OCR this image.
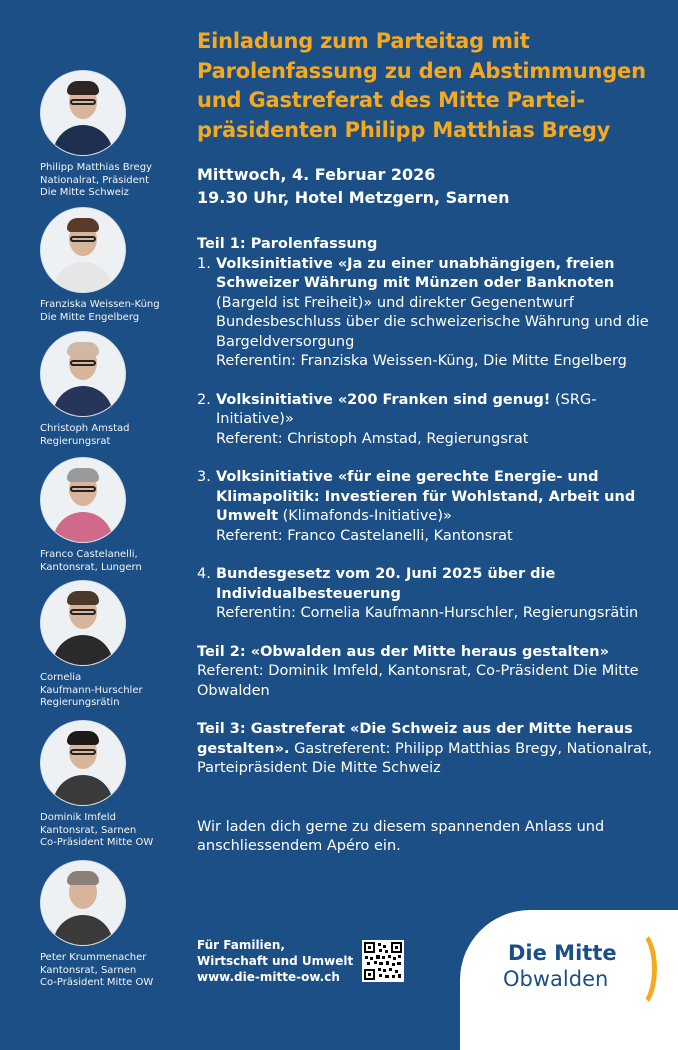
Philipp Matthias Bregy
Nationalrat, Präsident
Die Mitte Schweiz
Franziska Weissen-Küng
Die Mitte Engelberg
Christoph Amstad
Regierungsrat
Franco Castelanelli,
Kantonsrat, Lungern
Cornelia
Kaufmann-Hurschler
Regierungsrätin
Dominik Imfeld
Kantonsrat, Sarnen
Co-Präsident Mitte OW
Peter Krummenacher
Kantonsrat, Sarnen
Co-Präsident Mitte OW
Einladung zum Parteitag mit
Parolenfassung zu den Abstimmungen
und Gastreferat des Mitte Partei-
präsidenten Philipp Matthias Bregy
Mittwoch, 4. Februar 2026
19.30 Uhr, Hotel Metzgern, Sarnen
Teil 1: Parolenfassung
1. Volksinitiative «Ja zu einer unabhängigen, freien Schweizer Währung mit Münzen oder Banknoten (Bargeld ist Freiheit)» und direkter Gegenentwurf Bundesbeschluss über die schweizerische Währung und die Bargeldversorgung
Referentin: Franziska Weissen-Küng, Die Mitte Engelberg
2. Volksinitiative «200 Franken sind genug! (SRG-Initiative)»
Referent: Christoph Amstad, Regierungsrat
3. Volksinitiative «für eine gerechte Energie- und Klimapolitik: Investieren für Wohlstand, Arbeit und Umwelt (Klimafonds-Initiative)»
Referent: Franco Castelanelli, Kantonsrat
4. Bundesgesetz vom 20. Juni 2025 über die Individualbesteuerung
Referentin: Cornelia Kaufmann-Hurschler, Regierungsrätin
Teil 2: «Obwalden aus der Mitte heraus gestalten»
Referent: Dominik Imfeld, Kantonsrat, Co-Präsident Die Mitte Obwalden
Teil 3: Gastreferat «Die Schweiz aus der Mitte heraus gestalten». Gastreferent: Philipp Matthias Bregy, Nationalrat, Parteipräsident Die Mitte Schweiz
Wir laden dich gerne zu diesem spannenden Anlass und anschliessendem Apéro ein.
Für Familien,
Wirtschaft und Umwelt
www.die-mitte-ow.ch
Die Mitte
Obwalden
